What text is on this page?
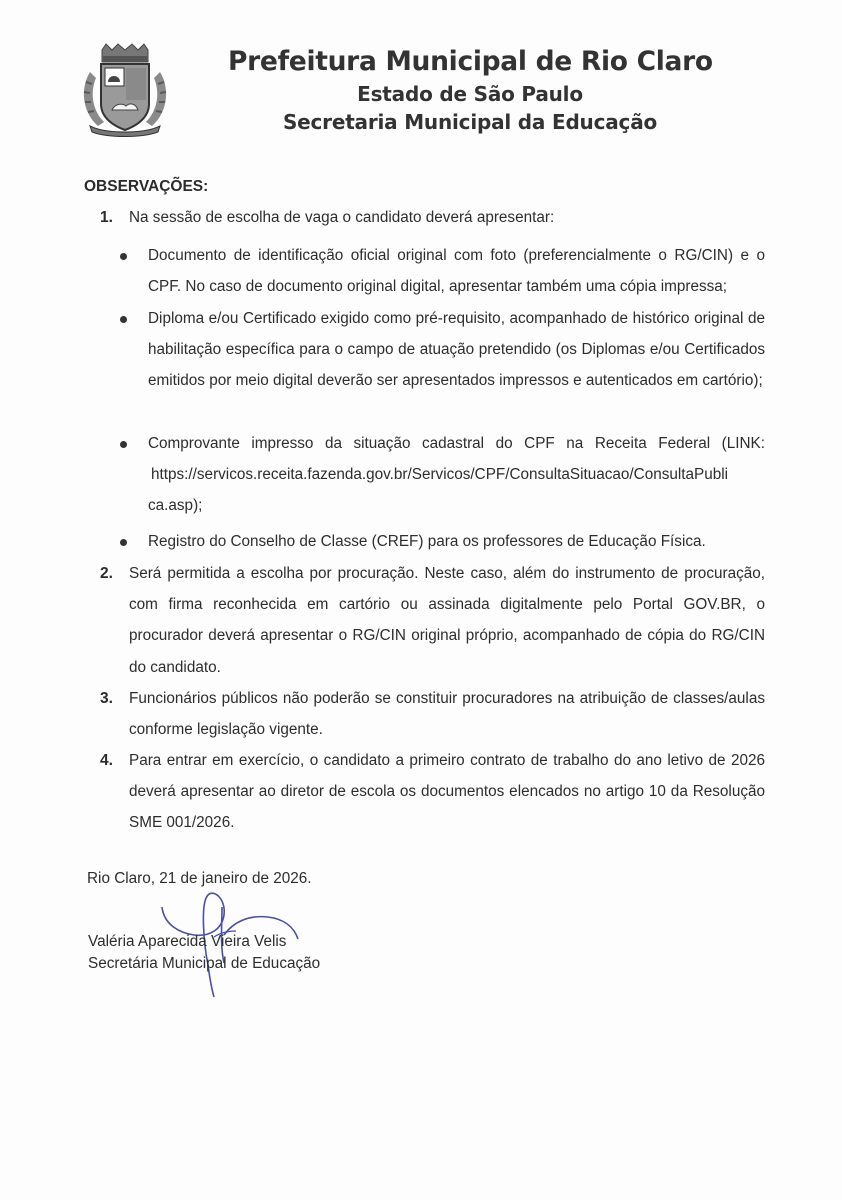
Prefeitura Municipal de Rio Claro
Estado de São Paulo
Secretaria Municipal da Educação
OBSERVAÇÕES:
1. Na sessão de escolha de vaga o candidato deverá apresentar:
Documento de identificação oficial original com foto (preferencialmente o RG/CIN) e o CPF. No caso de documento original digital, apresentar também uma cópia impressa;
Diploma e/ou Certificado exigido como pré-requisito, acompanhado de histórico original de habilitação específica para o campo de atuação pretendido (os Diplomas e/ou Certificados emitidos por meio digital deverão ser apresentados impressos e autenticados em cartório);
Comprovante impresso da situação cadastral do CPF na Receita Federal (LINK:
https://servicos.receita.fazenda.gov.br/Servicos/CPF/ConsultaSituacao/ConsultaPubli
ca.asp);
Registro do Conselho de Classe (CREF) para os professores de Educação Física.
2. Será permitida a escolha por procuração. Neste caso, além do instrumento de procuração, com firma reconhecida em cartório ou assinada digitalmente pelo Portal GOV.BR, o procurador deverá apresentar o RG/CIN original próprio, acompanhado de cópia do RG/CIN do candidato.
3. Funcionários públicos não poderão se constituir procuradores na atribuição de classes/aulas conforme legislação vigente.
4. Para entrar em exercício, o candidato a primeiro contrato de trabalho do ano letivo de 2026 deverá apresentar ao diretor de escola os documentos elencados no artigo 10 da Resolução SME 001/2026.
Rio Claro, 21 de janeiro de 2026.
Valéria Aparecida Vieira Velis
Secretária Municipal de Educação
